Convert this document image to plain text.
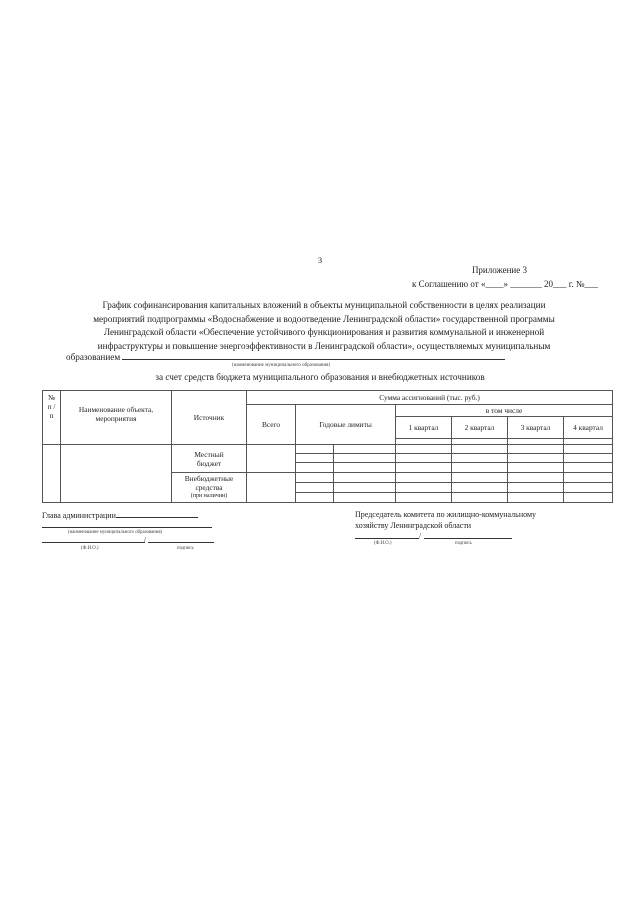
3
Приложение 3
к Соглашению от «____» _______ 20___ г. №___
График софинансирования капитальных вложений в объекты муниципальной собственности в целях реализации
мероприятий подпрограммы «Водоснабжение и водоотведение Ленинградской области» государственной программы
Ленинградской области «Обеспечение устойчивого функционирования и развития коммунальной и инженерной
инфраструктуры и повышение энергоэффективности в Ленинградской области», осуществляемых муниципальным
образованием
(наименование муниципального образования)
за счет средств бюджета муниципального образования и внебюджетных источников
№ п / п	Наименование объекта, мероприятия	Источник	Сумма ассигнований (тыс. руб.)						
			Всего	Годовые лимиты		в том числе			
						1 квартал	2 квартал	3 квартал	4 квартал

		Местный бюджет							

		Внебюджетные средства
(при наличии)							

Глава администрации
(наименование муниципального образования)
/
(Ф.И.О.)	подпись
Председатель комитета по жилищно-коммунальному
хозяйству Ленинградской области
/
(Ф.И.О.)	подпись
